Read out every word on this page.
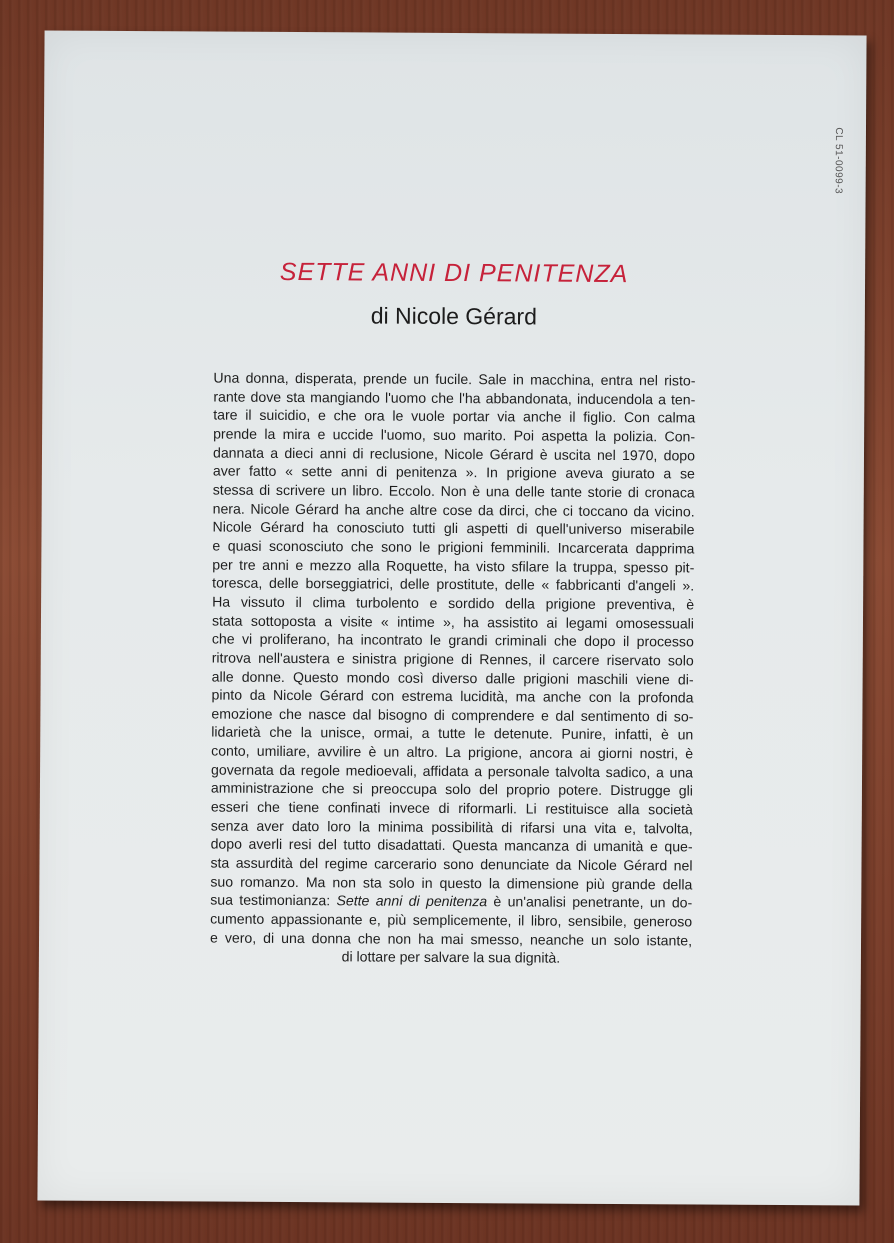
CL 51-0099-3
SETTE ANNI DI PENITENZA
di Nicole Gérard
Una donna, disperata, prende un fucile. Sale in macchina, entra nel risto-
rante dove sta mangiando l'uomo che l'ha abbandonata, inducendola a ten-
tare il suicidio, e che ora le vuole portar via anche il figlio. Con calma
prende la mira e uccide l'uomo, suo marito. Poi aspetta la polizia. Con-
dannata a dieci anni di reclusione, Nicole Gérard è uscita nel 1970, dopo
aver fatto « sette anni di penitenza ». In prigione aveva giurato a se
stessa di scrivere un libro. Eccolo. Non è una delle tante storie di cronaca
nera. Nicole Gérard ha anche altre cose da dirci, che ci toccano da vicino.
Nicole Gérard ha conosciuto tutti gli aspetti di quell'universo miserabile
e quasi sconosciuto che sono le prigioni femminili. Incarcerata dapprima
per tre anni e mezzo alla Roquette, ha visto sfilare la truppa, spesso pit-
toresca, delle borseggiatrici, delle prostitute, delle « fabbricanti d'angeli ».
Ha vissuto il clima turbolento e sordido della prigione preventiva, è
stata sottoposta a visite « intime », ha assistito ai legami omosessuali
che vi proliferano, ha incontrato le grandi criminali che dopo il processo
ritrova nell'austera e sinistra prigione di Rennes, il carcere riservato solo
alle donne. Questo mondo così diverso dalle prigioni maschili viene di-
pinto da Nicole Gérard con estrema lucidità, ma anche con la profonda
emozione che nasce dal bisogno di comprendere e dal sentimento di so-
lidarietà che la unisce, ormai, a tutte le detenute. Punire, infatti, è un
conto, umiliare, avvilire è un altro. La prigione, ancora ai giorni nostri, è
governata da regole medioevali, affidata a personale talvolta sadico, a una
amministrazione che si preoccupa solo del proprio potere. Distrugge gli
esseri che tiene confinati invece di riformarli. Li restituisce alla società
senza aver dato loro la minima possibilità di rifarsi una vita e, talvolta,
dopo averli resi del tutto disadattati. Questa mancanza di umanità e que-
sta assurdità del regime carcerario sono denunciate da Nicole Gérard nel
suo romanzo. Ma non sta solo in questo la dimensione più grande della
sua testimonianza: Sette anni di penitenza è un'analisi penetrante, un do-
cumento appassionante e, più semplicemente, il libro, sensibile, generoso
e vero, di una donna che non ha mai smesso, neanche un solo istante,
di lottare per salvare la sua dignità.
